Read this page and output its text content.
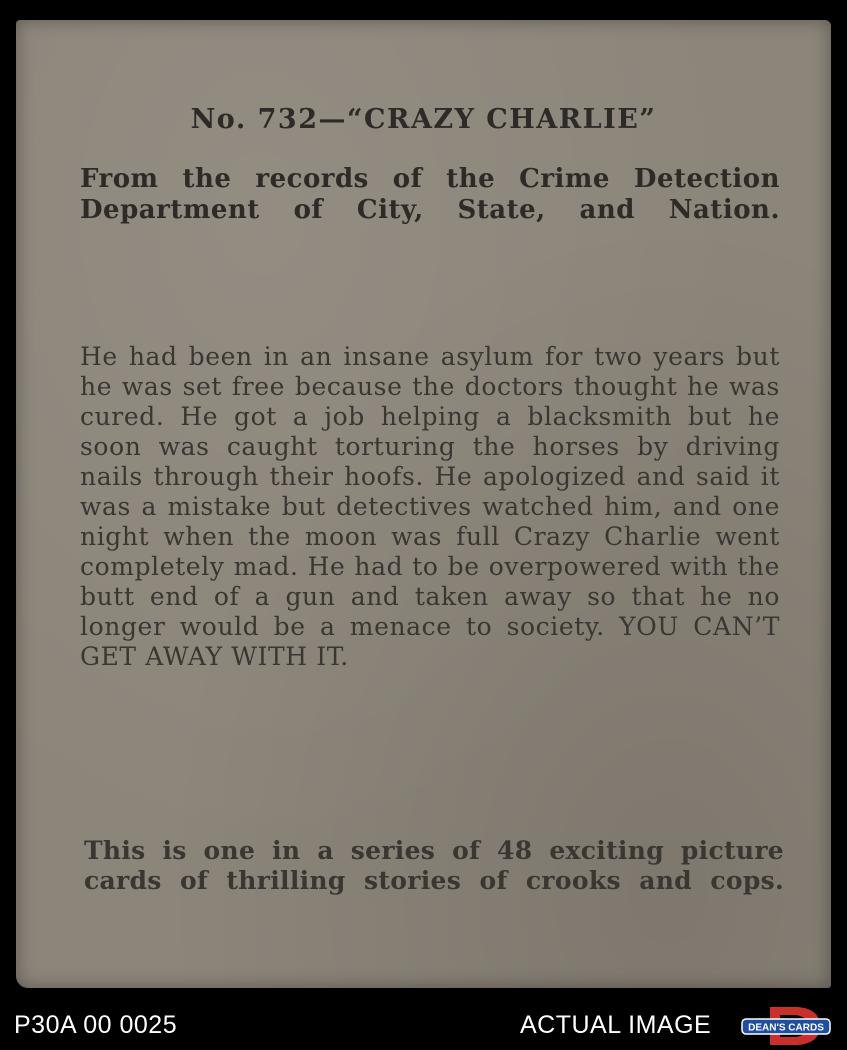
No. 732—“CRAZY CHARLIE”

From the records of the Crime Detection Department of City, State, and Nation.

He had been in an insane asylum for two years but he was set free because the doctors thought he was cured. He got a job helping a blacksmith but he soon was caught torturing the horses by driving nails through their hoofs. He apologized and said it was a mistake but detectives watched him, and one night when the moon was full Crazy Charlie went completely mad. He had to be overpowered with the butt end of a gun and taken away so that he no longer would be a menace to society. YOU CAN’T GET AWAY WITH IT.

This is one in a series of 48 exciting picture cards of thrilling stories of crooks and cops.

P30A 00 0025	ACTUAL IMAGE	DEAN'S CARDS
